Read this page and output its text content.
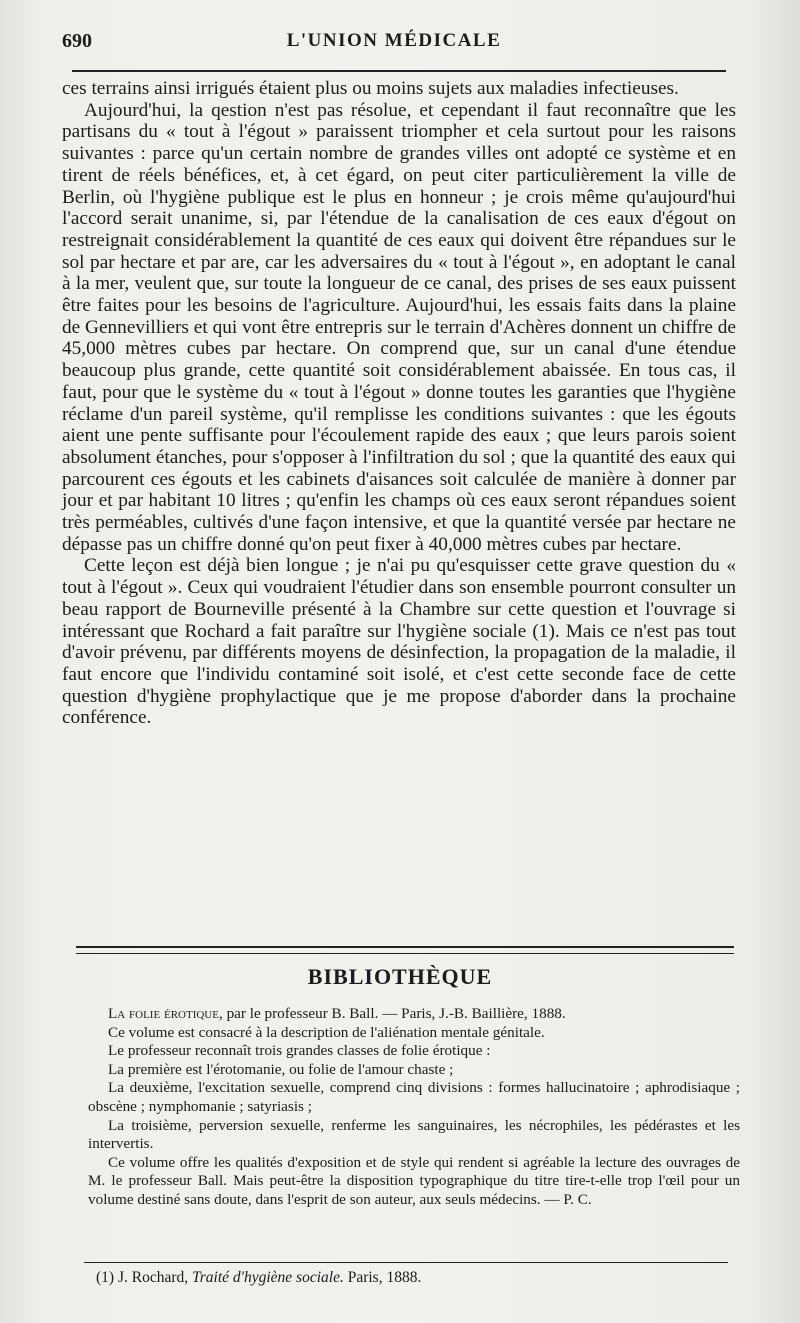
690	L'UNION MÉDICALE

ces terrains ainsi irrigués étaient plus ou moins sujets aux maladies infectieuses.

Aujourd'hui, la qestion n'est pas résolue, et cependant il faut reconnaître que les partisans du « tout à l'égout » paraissent triompher et cela surtout pour les raisons suivantes : parce qu'un certain nombre de grandes villes ont adopté ce système et en tirent de réels bénéfices, et, à cet égard, on peut citer particulièrement la ville de Berlin, où l'hygiène publique est le plus en honneur ; je crois même qu'aujourd'hui l'accord serait unanime, si, par l'étendue de la canalisation de ces eaux d'égout on restreignait considérablement la quantité de ces eaux qui doivent être répandues sur le sol par hectare et par are, car les adversaires du « tout à l'égout », en adoptant le canal à la mer, veulent que, sur toute la longueur de ce canal, des prises de ses eaux puissent être faites pour les besoins de l'agriculture. Aujourd'hui, les essais faits dans la plaine de Gennevilliers et qui vont être entrepris sur le terrain d'Achères donnent un chiffre de 45,000 mètres cubes par hectare. On comprend que, sur un canal d'une étendue beaucoup plus grande, cette quantité soit considérablement abaissée. En tous cas, il faut, pour que le système du « tout à l'égout » donne toutes les garanties que l'hygiène réclame d'un pareil système, qu'il remplisse les conditions suivantes : que les égouts aient une pente suffisante pour l'écoulement rapide des eaux ; que leurs parois soient absolument étanches, pour s'opposer à l'infiltration du sol ; que la quantité des eaux qui parcourent ces égouts et les cabinets d'aisances soit calculée de manière à donner par jour et par habitant 10 litres ; qu'enfin les champs où ces eaux seront répandues soient très perméables, cultivés d'une façon intensive, et que la quantité versée par hectare ne dépasse pas un chiffre donné qu'on peut fixer à 40,000 mètres cubes par hectare.

Cette leçon est déjà bien longue ; je n'ai pu qu'esquisser cette grave question du « tout à l'égout ». Ceux qui voudraient l'étudier dans son ensemble pourront consulter un beau rapport de Bourneville présenté à la Chambre sur cette question et l'ouvrage si intéressant que Rochard a fait paraître sur l'hygiène sociale (1). Mais ce n'est pas tout d'avoir prévenu, par différents moyens de désinfection, la propagation de la maladie, il faut encore que l'individu contaminé soit isolé, et c'est cette seconde face de cette question d'hygiène prophylactique que je me propose d'aborder dans la prochaine conférence.

BIBLIOTHÈQUE

La folie érotique, par le professeur B. Ball. — Paris, J.-B. Baillière, 1888.

Ce volume est consacré à la description de l'aliénation mentale génitale.

Le professeur reconnaît trois grandes classes de folie érotique :

La première est l'érotomanie, ou folie de l'amour chaste ;

La deuxième, l'excitation sexuelle, comprend cinq divisions : formes hallucinatoire ; aphrodisiaque ; obscène ; nymphomanie ; satyriasis ;

La troisième, perversion sexuelle, renferme les sanguinaires, les nécrophiles, les pédérastes et les intervertis.

Ce volume offre les qualités d'exposition et de style qui rendent si agréable la lecture des ouvrages de M. le professeur Ball. Mais peut-être la disposition typographique du titre tire-t-elle trop l'œil pour un volume destiné sans doute, dans l'esprit de son auteur, aux seuls médecins. — P. C.

(1) J. Rochard, Traité d'hygiène sociale. Paris, 1888.
